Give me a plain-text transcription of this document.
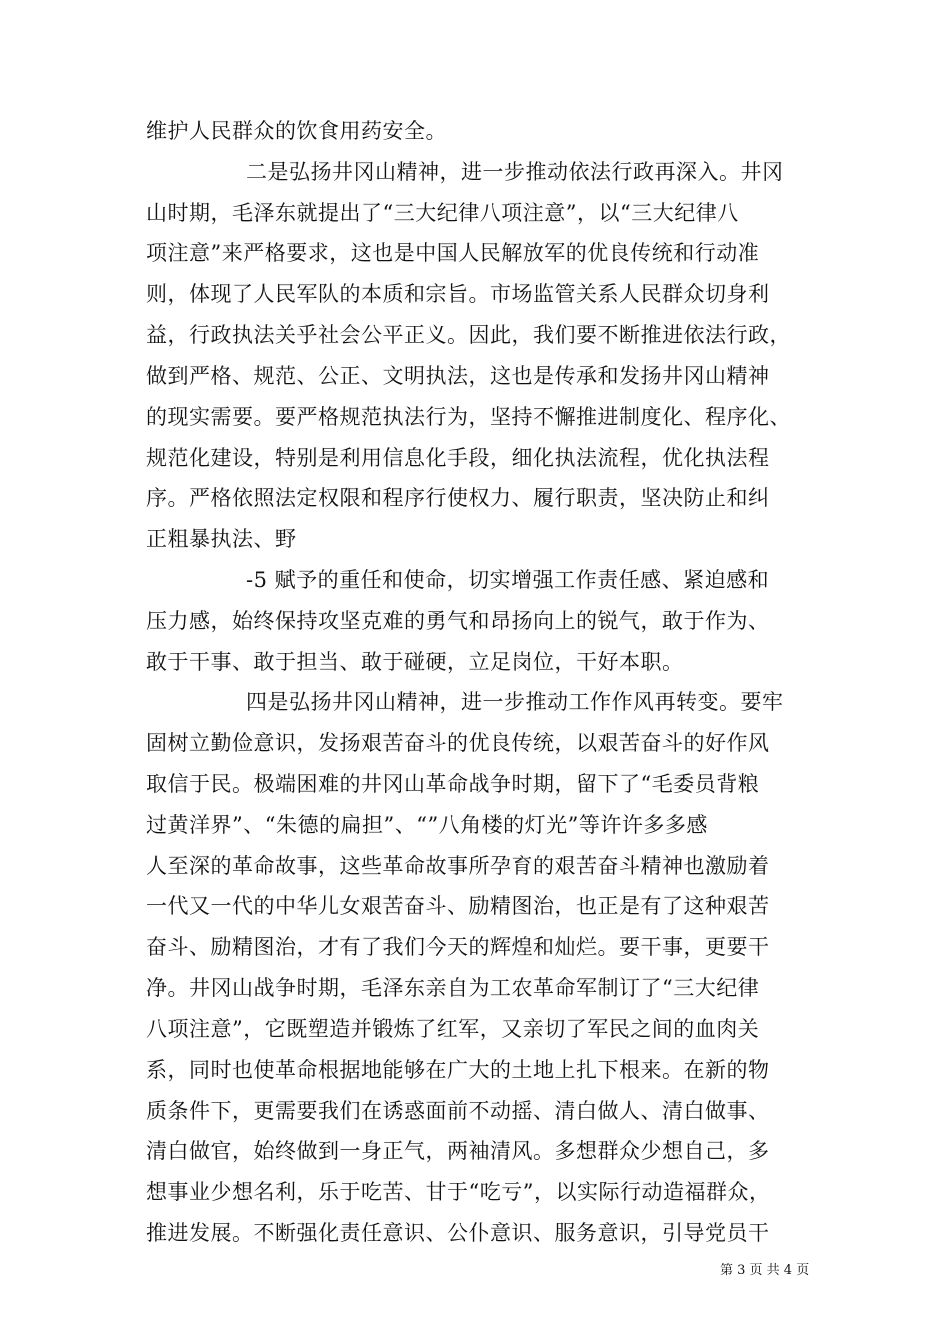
维护人民群众的饮食用药安全。
二是弘扬井冈山精神，进一步推动依法行政再深入。井冈
山时期，毛泽东就提出了“三大纪律八项注意”，以“三大纪律八
项注意”来严格要求，这也是中国人民解放军的优良传统和行动准
则，体现了人民军队的本质和宗旨。市场监管关系人民群众切身利
益，行政执法关乎社会公平正义。因此，我们要不断推进依法行政，
做到严格、规范、公正、文明执法，这也是传承和发扬井冈山精神
的现实需要。要严格规范执法行为，坚持不懈推进制度化、程序化、
规范化建设，特别是利用信息化手段，细化执法流程，优化执法程
序。严格依照法定权限和程序行使权力、履行职责，坚决防止和纠
正粗暴执法、野
-5 赋予的重任和使命，切实增强工作责任感、紧迫感和
压力感，始终保持攻坚克难的勇气和昂扬向上的锐气，敢于作为、
敢于干事、敢于担当、敢于碰硬，立足岗位，干好本职。
四是弘扬井冈山精神，进一步推动工作作风再转变。要牢
固树立勤俭意识，发扬艰苦奋斗的优良传统，以艰苦奋斗的好作风
取信于民。极端困难的井冈山革命战争时期，留下了“毛委员背粮
过黄洋界”、“朱德的扁担”、“”八角楼的灯光”等许许多多感
人至深的革命故事，这些革命故事所孕育的艰苦奋斗精神也激励着
一代又一代的中华儿女艰苦奋斗、励精图治，也正是有了这种艰苦
奋斗、励精图治，才有了我们今天的辉煌和灿烂。要干事，更要干
净。井冈山战争时期，毛泽东亲自为工农革命军制订了“三大纪律
八项注意”，它既塑造并锻炼了红军，又亲切了军民之间的血肉关
系，同时也使革命根据地能够在广大的土地上扎下根来。在新的物
质条件下，更需要我们在诱惑面前不动摇、清白做人、清白做事、
清白做官，始终做到一身正气，两袖清风。多想群众少想自己，多
想事业少想名利，乐于吃苦、甘于“吃亏”，以实际行动造福群众，
推进发展。不断强化责任意识、公仆意识、服务意识，引导党员干
第 3 页 共 4 页
